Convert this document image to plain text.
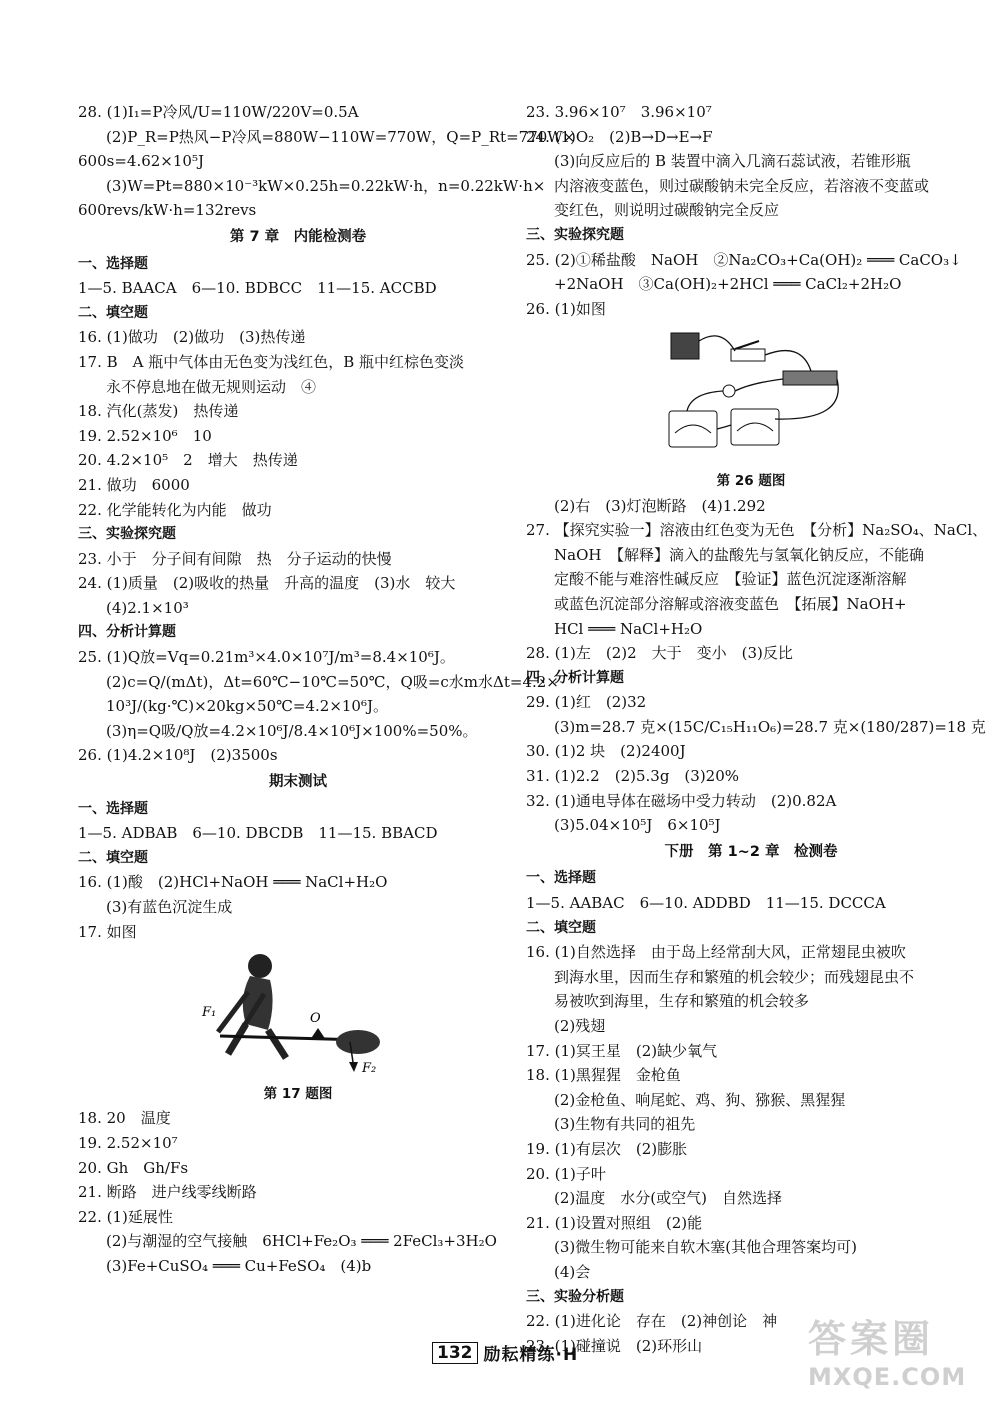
28. (1)I₁=P冷风/U=110W/220V=0.5A
(2)P_R=P热风−P冷风=880W−110W=770W，Q=P_Rt=770W×
600s=4.62×10⁵J
(3)W=Pt=880×10⁻³kW×0.25h=0.22kW·h，n=0.22kW·h×
600revs/kW·h=132revs
第 7 章　内能检测卷
一、选择题
1—5. BAACA　6—10. BDBCC　11—15. ACCBD
二、填空题
16. (1)做功　(2)做功　(3)热传递
17. B　A 瓶中气体由无色变为浅红色，B 瓶中红棕色变淡
永不停息地在做无规则运动　④
18. 汽化(蒸发)　热传递
19. 2.52×10⁶　10
20. 4.2×10⁵　2　增大　热传递
21. 做功　6000
22. 化学能转化为内能　做功
三、实验探究题
23. 小于　分子间有间隙　热　分子运动的快慢
24. (1)质量　(2)吸收的热量　升高的温度　(3)水　较大
(4)2.1×10³
四、分析计算题
25. (1)Q放=Vq=0.21m³×4.0×10⁷J/m³=8.4×10⁶J。
(2)c=Q/(mΔt)，Δt=60℃−10℃=50℃，Q吸=c水m水Δt=4.2×
10³J/(kg·℃)×20kg×50℃=4.2×10⁶J。
(3)η=Q吸/Q放=4.2×10⁶J/8.4×10⁶J×100%=50%。
26. (1)4.2×10⁸J　(2)3500s
期末测试
一、选择题
1—5. ADBAB　6—10. DBCDB　11—15. BBACD
二、填空题
16. (1)酸　(2)HCl+NaOH ═══ NaCl+H₂O
(3)有蓝色沉淀生成
17. 如图
F₁
F₂
O
第 17 题图
18. 20　温度
19. 2.52×10⁷
20. Gh　Gh/Fs
21. 断路　进户线零线断路
22. (1)延展性
(2)与潮湿的空气接触　6HCl+Fe₂O₃ ═══ 2FeCl₃+3H₂O
(3)Fe+CuSO₄ ═══ Cu+FeSO₄　(4)b
23. 3.96×10⁷　3.96×10⁷
24. (1)O₂　(2)B→D→E→F
(3)向反应后的 B 装置中滴入几滴石蕊试液，若锥形瓶
内溶液变蓝色，则过碳酸钠未完全反应，若溶液不变蓝或
变红色，则说明过碳酸钠完全反应
三、实验探究题
25. (2)①稀盐酸　NaOH　②Na₂CO₃+Ca(OH)₂ ═══ CaCO₃↓
+2NaOH　③Ca(OH)₂+2HCl ═══ CaCl₂+2H₂O
26. (1)如图
第 26 题图
(2)右　(3)灯泡断路　(4)1.292
27. 【探究实验一】溶液由红色变为无色　【分析】Na₂SO₄、NaCl、
NaOH　【解释】滴入的盐酸先与氢氧化钠反应，不能确
定酸不能与难溶性碱反应　【验证】蓝色沉淀逐渐溶解
或蓝色沉淀部分溶解或溶液变蓝色　【拓展】NaOH+
HCl ═══ NaCl+H₂O
28. (1)左　(2)2　大于　变小　(3)反比
四、分析计算题
29. (1)红　(2)32
(3)m=28.7 克×(15C/C₁₅H₁₁O₆)=28.7 克×(180/287)=18 克
30. (1)2 块　(2)2400J
31. (1)2.2　(2)5.3g　(3)20%
32. (1)通电导体在磁场中受力转动　(2)0.82A
(3)5.04×10⁵J　6×10⁵J
下册　第 1~2 章　检测卷
一、选择题
1—5. AABAC　6—10. ADDBD　11—15. DCCCA
二、填空题
16. (1)自然选择　由于岛上经常刮大风，正常翅昆虫被吹
到海水里，因而生存和繁殖的机会较少；而残翅昆虫不
易被吹到海里，生存和繁殖的机会较多
(2)残翅
17. (1)冥王星　(2)缺少氧气
18. (1)黑猩猩　金枪鱼
(2)金枪鱼、响尾蛇、鸡、狗、猕猴、黑猩猩
(3)生物有共同的祖先
19. (1)有层次　(2)膨胀
20. (1)子叶
(2)温度　水分(或空气)　自然选择
21. (1)设置对照组　(2)能
(3)微生物可能来自软木塞(其他合理答案均可)
(4)会
三、实验分析题
22. (1)进化论　存在　(2)神创论　神
23. (1)碰撞说　(2)环形山
132 励耘精练·H	答案圈
MXQE.COM
